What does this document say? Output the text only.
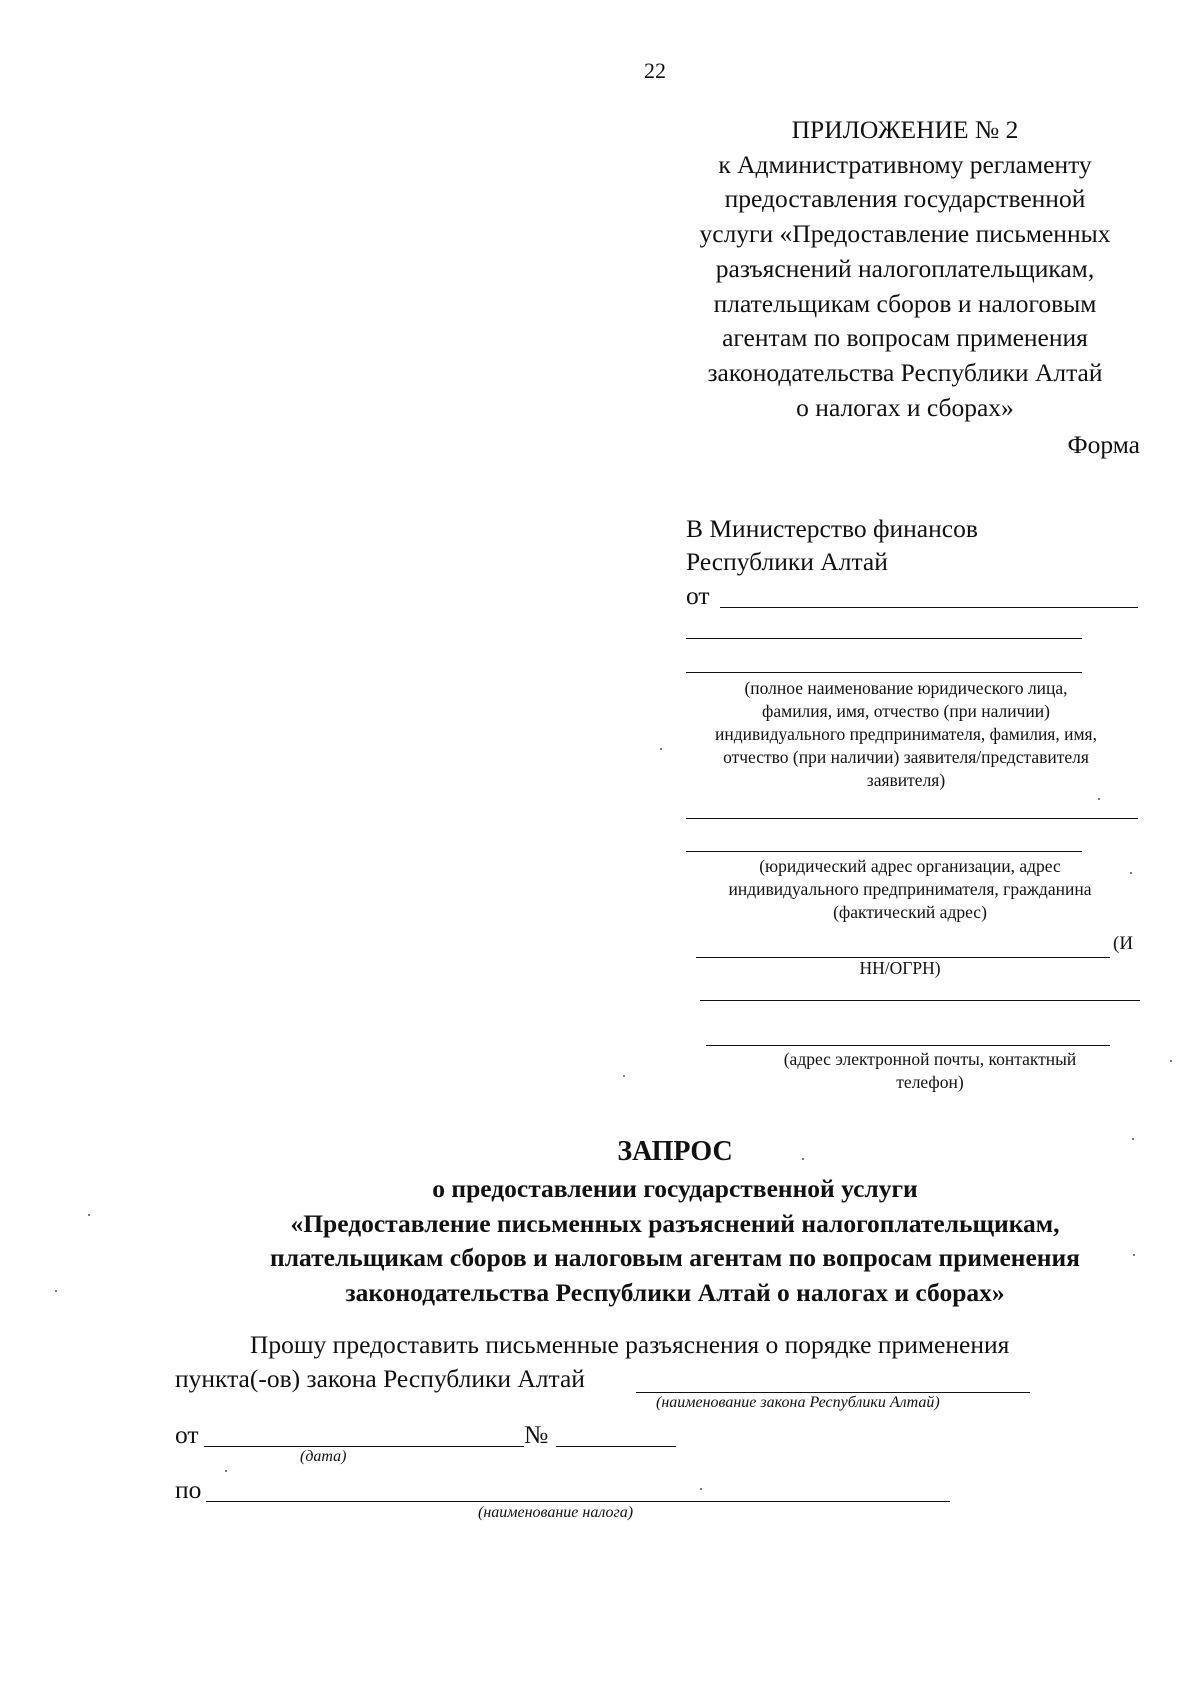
22
ПРИЛОЖЕНИЕ № 2
к Административному регламенту
предоставления государственной
услуги «Предоставление письменных
разъяснений налогоплательщикам,
плательщикам сборов и налоговым
агентам по вопросам применения
законодательства Республики Алтай
о налогах и сборах»
Форма
В Министерство финансов
Республики Алтай
от
(полное наименование юридического лица,
фамилия, имя, отчество (при наличии)
индивидуального предпринимателя, фамилия, имя,
отчество (при наличии) заявителя/представителя
заявителя)
(юридический адрес организации, адрес
индивидуального предпринимателя, гражданина
(фактический адрес)
(И
НН/ОГРН)
(адрес электронной почты, контактный
телефон)
ЗАПРОС
о предоставлении государственной услуги
«Предоставление письменных разъяснений налогоплательщикам,
плательщикам сборов и налоговым агентам по вопросам применения
законодательства Республики Алтай о налогах и сборах»
Прошу предоставить письменные разъяснения о порядке применения
пункта(-ов) закона Республики Алтай
(наименование закона Республики Алтай)
от	№
(дата)
по
(наименование налога)
